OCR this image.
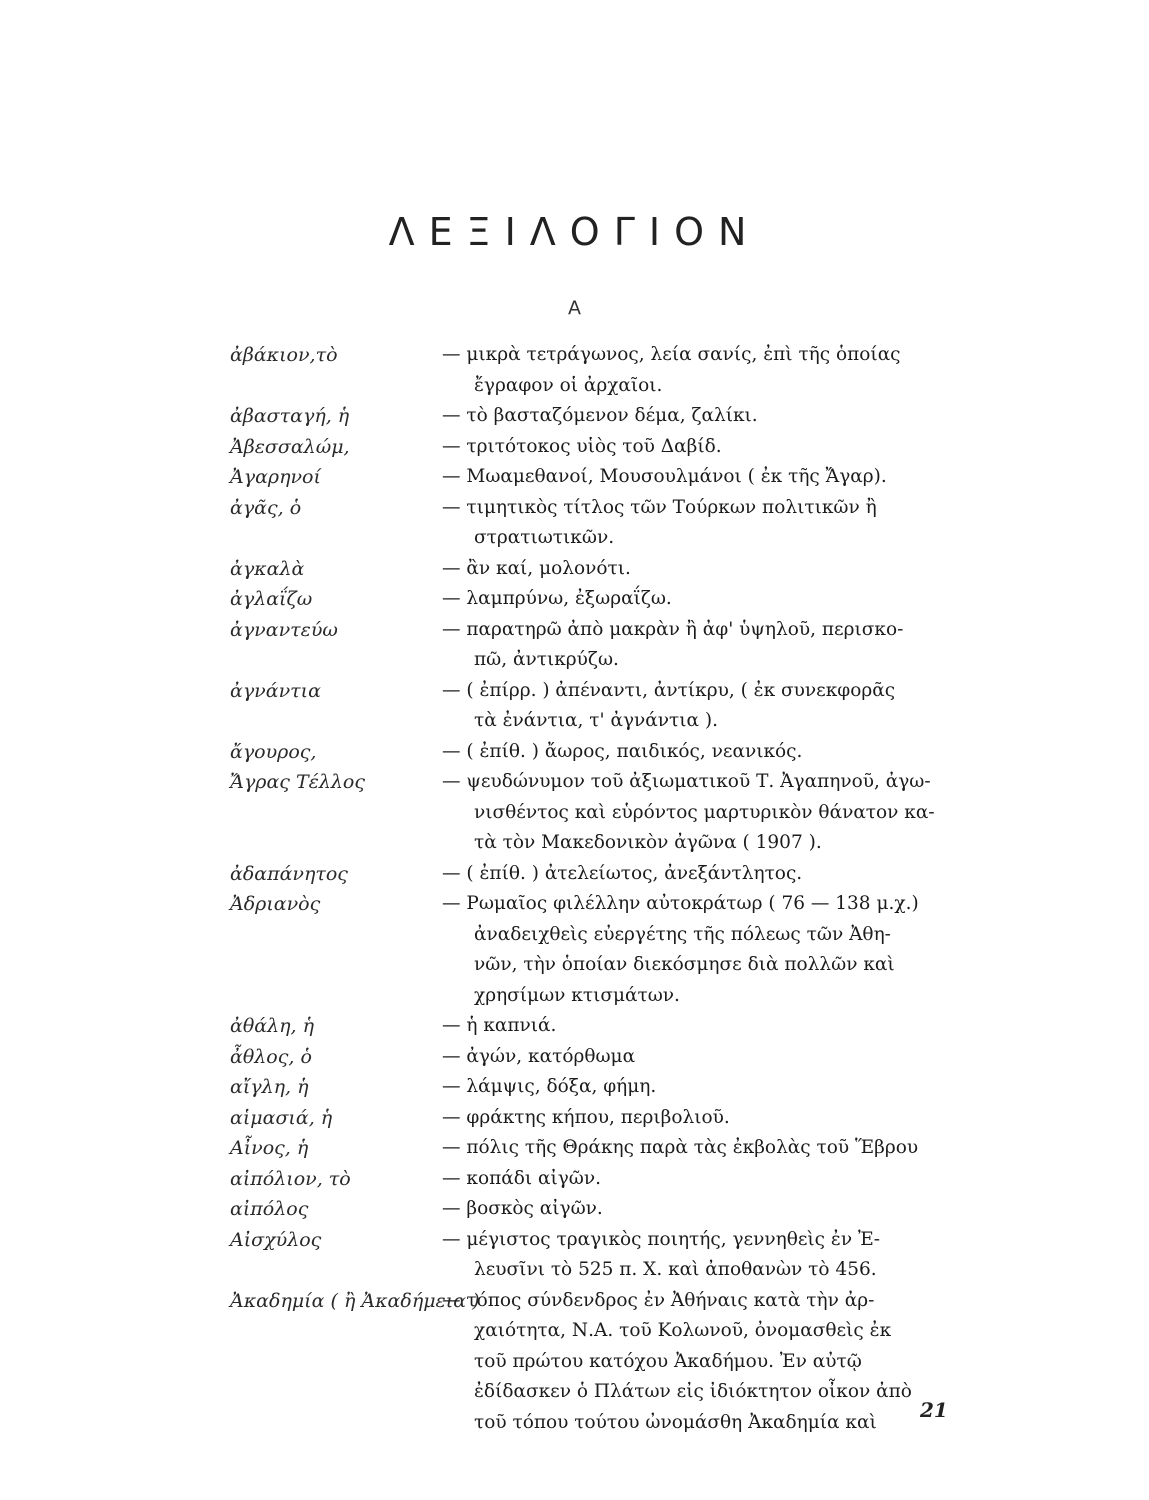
ΛΕΞΙΛΟΓΙΟΝ
Α
ἀβάκιον,τὸ	— μικρὰ τετράγωνος, λεία σανίς, ἐπὶ τῆς ὁποίας
ἔγραφον οἱ ἀρχαῖοι.
ἀβασταγή, ἡ	— τὸ βασταζόμενον δέμα, ζαλίκι.
Ἀβεσσαλώμ,	— τριτότοκος υἱὸς τοῦ Δαβίδ.
Ἀγαρηνοί	— Μωαμεθανοί, Μουσουλμάνοι ( ἐκ τῆς Ἄγαρ).
ἀγᾶς, ὁ	— τιμητικὸς τίτλος τῶν Τούρκων πολιτικῶν ἢ
στρατιωτικῶν.
ἀγκαλὰ	— ἂν καί, μολονότι.
ἀγλαΐζω	— λαμπρύνω, ἐξωραΐζω.
ἀγναντεύω	— παρατηρῶ ἀπὸ μακρὰν ἢ ἀφ' ὑψηλοῦ, περισκο-
πῶ, ἀντικρύζω.
ἀγνάντια	— ( ἐπίρρ. ) ἀπέναντι, ἀντίκρυ, ( ἐκ συνεκφορᾶς
τὰ ἐνάντια, τ' ἀγνάντια ).
ἄγουρος,	— ( ἐπίθ. ) ἄωρος, παιδικός, νεανικός.
Ἄγρας Τέλλος	— ψευδώνυμον τοῦ ἀξιωματικοῦ Τ. Ἀγαπηνοῦ, ἀγω-
νισθέντος καὶ εὑρόντος μαρτυρικὸν θάνατον κα-
τὰ τὸν Μακεδονικὸν ἀγῶνα ( 1907 ).
ἀδαπάνητος	— ( ἐπίθ. ) ἀτελείωτος, ἀνεξάντλητος.
Ἀδριανὸς	— Ρωμαῖος φιλέλλην αὐτοκράτωρ ( 76 — 138 μ.χ.)
ἀναδειχθεὶς εὐεργέτης τῆς πόλεως τῶν Ἀθη-
νῶν, τὴν ὁποίαν διεκόσμησε διὰ πολλῶν καὶ
χρησίμων κτισμάτων.
ἀθάλη, ἡ	— ἡ καπνιά.
ἆθλος, ὁ	— ἀγών, κατόρθωμα
αἴγλη, ἡ	— λάμψις, δόξα, φήμη.
αἱμασιά, ἡ	— φράκτης κήπου, περιβολιοῦ.
Αἶνος, ἡ	— πόλις τῆς Θράκης παρὰ τὰς ἐκβολὰς τοῦ Ἕβρου
αἰπόλιον, τὸ	— κοπάδι αἰγῶν.
αἰπόλος	— βοσκὸς αἰγῶν.
Αἰσχύλος	— μέγιστος τραγικὸς ποιητής, γεννηθεὶς ἐν Ἐ-
λευσῖνι τὸ 525 π. Χ. καὶ ἀποθανὼν τὸ 456.
Ἀκαδημία ( ἢ Ἀκαδήμεια )
— τόπος σύνδενδρος ἐν Ἀθήναις κατὰ τὴν ἀρ-
χαιότητα, Ν.Α. τοῦ Κολωνοῦ, ὀνομασθεὶς ἐκ
τοῦ πρώτου κατόχου Ἀκαδήμου. Ἐν αὐτῷ
ἐδίδασκεν ὁ Πλάτων εἰς ἰδιόκτητον οἶκον ἀπὸ
τοῦ τόπου τούτου ὠνομάσθη Ἀκαδημία καὶ	21
